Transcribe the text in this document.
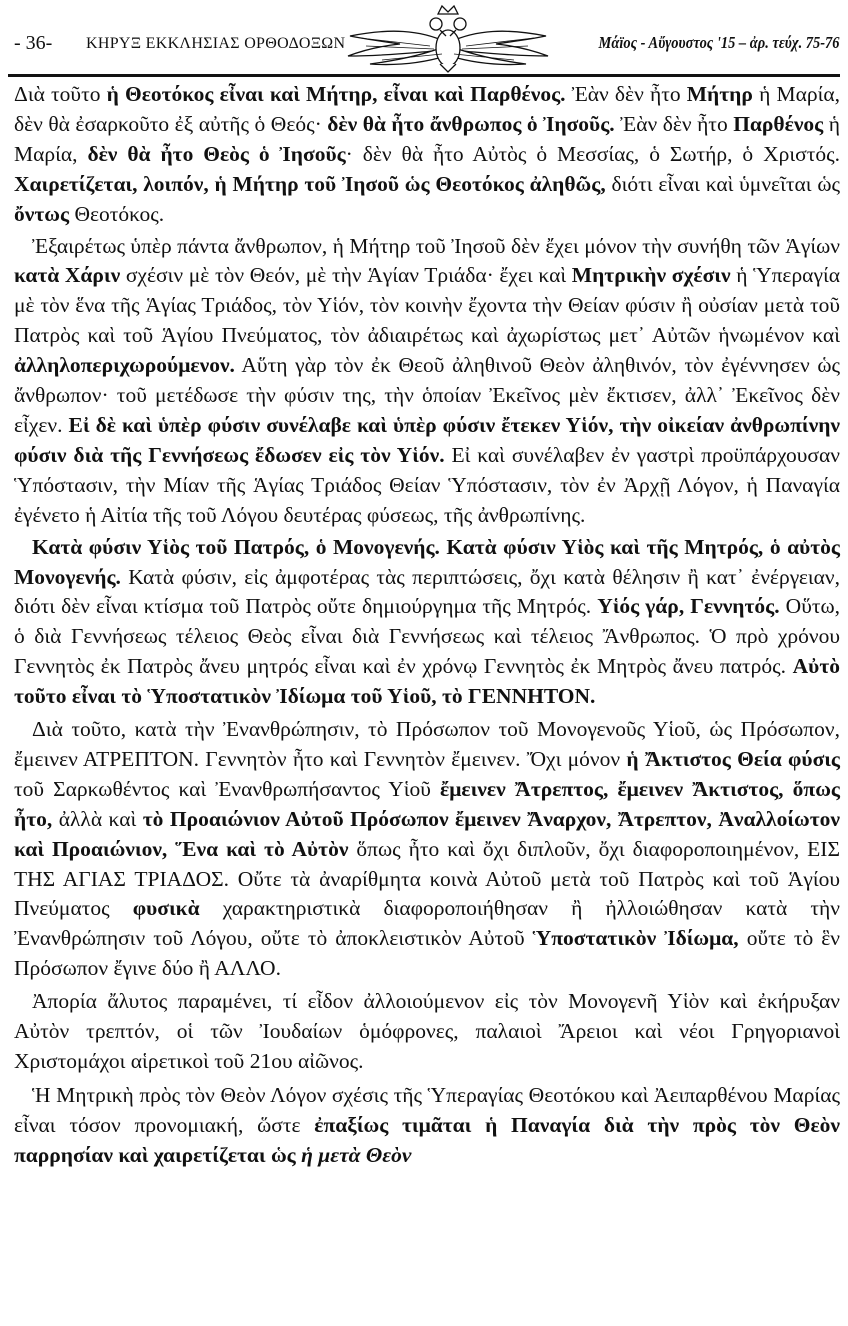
- 36- ΚΗΡΥΞ ΕΚΚΛΗΣΙΑΣ ΟΡΘΟΔΟΞΩΝ	Μάϊος - Αὔγουστος '15 – ἀρ. τεύχ. 75-76

Διὰ τοῦτο ἡ Θεοτόκος εἶναι καὶ Μήτηρ, εἶναι καὶ Παρθένος. Ἐὰν δὲν ἦτο Μήτηρ ἡ Μαρία, δὲν θὰ ἐσαρκοῦτο ἐξ αὐτῆς ὁ Θεός· δὲν θὰ ἦτο ἄνθρωπος ὁ Ἰησοῦς. Ἐὰν δὲν ἦτο Παρθένος ἡ Μαρία, δὲν θὰ ἦτο Θεὸς ὁ Ἰησοῦς· δὲν θὰ ἦτο Αὐτὸς ὁ Μεσσίας, ὁ Σωτήρ, ὁ Χριστός. Χαιρετίζεται, λοιπόν, ἡ Μήτηρ τοῦ Ἰησοῦ ὡς Θεοτόκος ἀληθῶς, διότι εἶναι καὶ ὑμνεῖται ὡς ὄντως Θεοτόκος.

Ἐξαιρέτως ὑπὲρ πάντα ἄνθρωπον, ἡ Μήτηρ τοῦ Ἰησοῦ δὲν ἔχει μόνον τὴν συνήθη τῶν Ἁγίων κατὰ Χάριν σχέσιν μὲ τὸν Θεόν, μὲ τὴν Ἁγίαν Τριάδα· ἔχει καὶ Μητρικὴν σχέσιν ἡ Ὑπεραγία μὲ τὸν ἕνα τῆς Ἁγίας Τριάδος, τὸν Υἱόν, τὸν κοινὴν ἔχοντα τὴν Θείαν φύσιν ἢ οὐσίαν μετὰ τοῦ Πατρὸς καὶ τοῦ Ἁγίου Πνεύματος, τὸν ἀδιαιρέτως καὶ ἀχωρίστως μετ᾽ Αὐτῶν ἡνωμένον καὶ ἀλληλοπεριχωρούμενον. Αὕτη γὰρ τὸν ἐκ Θεοῦ ἀληθινοῦ Θεὸν ἀληθινόν, τὸν ἐγέννησεν ὡς ἄνθρωπον· τοῦ μετέδωσε τὴν φύσιν της, τὴν ὁποίαν Ἐκεῖνος μὲν ἔκτισεν, ἀλλ᾽ Ἐκεῖνος δὲν εἶχεν. Εἰ δὲ καὶ ὑπὲρ φύσιν συνέλαβε καὶ ὑπὲρ φύσιν ἔτεκεν Υἱόν, τὴν οἰκείαν ἀνθρωπίνην φύσιν διὰ τῆς Γεννήσεως ἔδωσεν εἰς τὸν Υἱόν. Εἰ καὶ συνέλαβεν ἐν γαστρὶ προϋπάρχουσαν Ὑπόστασιν, τὴν Μίαν τῆς Ἁγίας Τριάδος Θείαν Ὑπόστασιν, τὸν ἐν Ἀρχῇ Λόγον, ἡ Παναγία ἐγένετο ἡ Αἰτία τῆς τοῦ Λόγου δευτέρας φύσεως, τῆς ἀνθρωπίνης.

Κατὰ φύσιν Υἱὸς τοῦ Πατρός, ὁ Μονογενής. Κατὰ φύσιν Υἱὸς καὶ τῆς Μητρός, ὁ αὐτὸς Μονογενής. Κατὰ φύσιν, εἰς ἀμφοτέρας τὰς περιπτώσεις, ὄχι κατὰ θέλησιν ἢ κατ᾽ ἐνέργειαν, διότι δὲν εἶναι κτίσμα τοῦ Πατρὸς οὔτε δημιούργημα τῆς Μητρός. Υἱός γάρ, Γεννητός. Οὕτω, ὁ διὰ Γεννήσεως τέλειος Θεὸς εἶναι διὰ Γεννήσεως καὶ τέλειος Ἄνθρωπος. Ὁ πρὸ χρόνου Γεννητὸς ἐκ Πατρὸς ἄνευ μητρός εἶναι καὶ ἐν χρόνῳ Γεννητὸς ἐκ Μητρὸς ἄνευ πατρός. Αὐτὸ τοῦτο εἶναι τὸ Ὑποστατικὸν Ἰδίωμα τοῦ Υἱοῦ, τὸ ΓΕΝΝΗΤΟΝ.

Διὰ τοῦτο, κατὰ τὴν Ἐνανθρώπησιν, τὸ Πρόσωπον τοῦ Μονογενοῦς Υἱοῦ, ὡς Πρόσωπον, ἔμεινεν ΑΤΡΕΠΤΟΝ. Γεννητὸν ἦτο καὶ Γεννητὸν ἔμεινεν. Ὄχι μόνον ἡ Ἄκτιστος Θεία φύσις τοῦ Σαρκωθέντος καὶ Ἐνανθρωπήσαντος Υἱοῦ ἔμεινεν Ἄτρεπτος, ἔμεινεν Ἄκτιστος, ὅπως ἦτο, ἀλλὰ καὶ τὸ Προαιώνιον Αὐτοῦ Πρόσωπον ἔμεινεν Ἄναρχον, Ἄτρεπτον, Ἀναλλοίωτον καὶ Προαιώνιον, Ἕνα καὶ τὸ Αὐτὸν ὅπως ἦτο καὶ ὄχι διπλοῦν, ὄχι διαφοροποιημένον, ΕΙΣ ΤΗΣ ΑΓΙΑΣ ΤΡΙΑΔΟΣ. Οὔτε τὰ ἀναρίθμητα κοινὰ Αὐτοῦ μετὰ τοῦ Πατρὸς καὶ τοῦ Ἁγίου Πνεύματος φυσικὰ χαρακτηριστικὰ διαφοροποιήθησαν ἢ ἠλλοιώθησαν κατὰ τὴν Ἐνανθρώπησιν τοῦ Λόγου, οὔτε τὸ ἀποκλειστικὸν Αὐτοῦ Ὑποστατικὸν Ἰδίωμα, οὔτε τὸ ἓν Πρόσωπον ἔγινε δύο ἢ ΑΛΛΟ.

Ἀπορία ἄλυτος παραμένει, τί εἶδον ἀλλοιούμενον εἰς τὸν Μονογενῆ Υἱὸν καὶ ἐκήρυξαν Αὐτὸν τρεπτόν, οἱ τῶν Ἰουδαίων ὁμόφρονες, παλαιοὶ Ἄρειοι καὶ νέοι Γρηγοριανοὶ Χριστομάχοι αἱρετικοὶ τοῦ 21ου αἰῶνος.

Ἡ Μητρικὴ πρὸς τὸν Θεὸν Λόγον σχέσις τῆς Ὑπεραγίας Θεοτόκου καὶ Ἀειπαρθένου Μαρίας εἶναι τόσον προνομιακή, ὥστε ἐπαξίως τιμᾶται ἡ Παναγία διὰ τὴν πρὸς τὸν Θεὸν παρρησίαν καὶ χαιρετίζεται ὡς ἡ μετὰ Θεὸν
